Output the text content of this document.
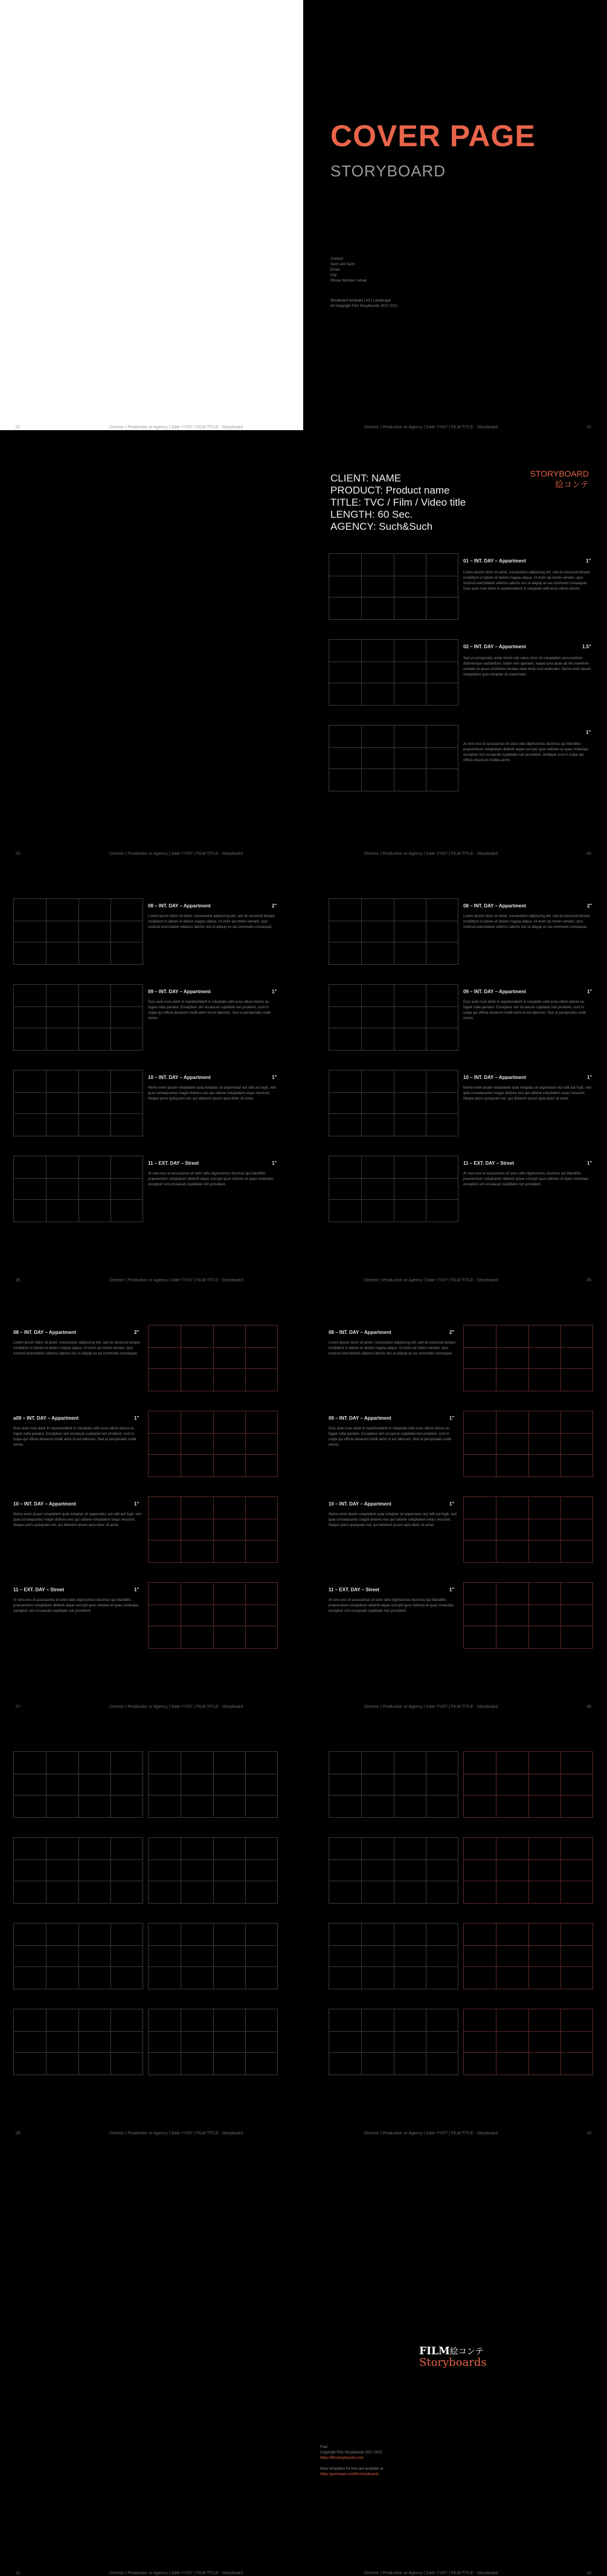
01	Director | Production or Agency | Date YY/07 | FILM TITLE - Storyboard	02
Director | Production or Agency | Date YY/07 | FILM TITLE - Storyboard
COVER PAGE
STORYBOARD
Contact:
Such and Such
Email
City
Phone Number / email
Storyboard template | A3 | Landscape
All Copyright Film Storyboards 2017-2021
03	Director | Production or Agency | Date YY/07 | FILM TITLE - Storyboard	04
Director | Production or Agency | Date YY/07 | FILM TITLE - Storyboard
CLIENT: NAME
PRODUCT: Product name
TITLE: TVC / Film / Video title
LENGTH: 60 Sec.
AGENCY: Such&Such
STORYBOARD
絵コンテ
01 – INT. DAY – Appartment	1"
Lorem ipsum dolor sit amet, consectetur adipiscing elit, sed do eiusmod tempor incididunt ut labore et dolore magna aliqua. Ut enim ad minim veniam, quis nostrud exercitation ullamco laboris nisi ut aliquip ex ea commodo consequat. Duis aute irure dolor in reprehenderit in voluptate velit esse cillum dolore.
02 – INT. DAY – Appartment	1.5"
Sed ut perspiciatis unde omnis iste natus error sit voluptatem accusantium doloremque laudantium, totam rem aperiam, eaque ipsa quae ab illo inventore veritatis et quasi architecto beatae vitae dicta sunt explicabo. Nemo enim ipsam voluptatem quia voluptas sit aspernatur.
1"
At vero eos et accusamus et iusto odio dignissimos ducimus qui blanditiis praesentium voluptatum deleniti atque corrupti quos dolores et quas molestias excepturi sint occaecati cupiditate non provident, similique sunt in culpa qui officia deserunt mollitia animi.
05	Director | Production or Agency | Date YY/07 | FILM TITLE - Storyboard	06
Director | Production or Agency | Date YY/07 | FILM TITLE - Storyboard
07	Director | Production or Agency | Date YY/07 | FILM TITLE - Storyboard	08
Director | Production or Agency | Date YY/07 | FILM TITLE - Storyboard
09	Director | Production or Agency | Date YY/07 | FILM TITLE - Storyboard	10
Director | Production or Agency | Date YY/07 | FILM TITLE - Storyboard
11	Director | Production or Agency | Date YY/07 | FILM TITLE - Storyboard	12
Director | Production or Agency | Date YY/07 | FILM TITLE - Storyboard
FILM絵コンテ
Storyboards
Free
Copyright Film Storyboards 2017-2021
https://filmstoryboards.com

More templates for free are available at
https://gumroad.com/filmstoryboards
08 – INT. DAY – Appartment	2"
Lorem ipsum dolor sit amet, consectetur adipiscing elit, sed do eiusmod tempor incididunt ut labore et dolore magna aliqua. Ut enim ad minim veniam, quis nostrud exercitation ullamco laboris nisi ut aliquip ex ea commodo consequat.
08 – INT. DAY – Appartment	2"
Lorem ipsum dolor sit amet, consectetur adipiscing elit, sed do eiusmod tempor incididunt ut labore et dolore magna aliqua. Ut enim ad minim veniam, quis nostrud exercitation ullamco laboris nisi ut aliquip ex ea commodo consequat.
09 – INT. DAY – Appartment	1"
Duis aute irure dolor in reprehenderit in voluptate velit esse cillum dolore eu fugiat nulla pariatur. Excepteur sint occaecat cupidatat non proident, sunt in culpa qui officia deserunt mollit anim id est laborum. Sed ut perspiciatis unde omnis.
09 – INT. DAY – Appartment	1"
Duis aute irure dolor in reprehenderit in voluptate velit esse cillum dolore eu fugiat nulla pariatur. Excepteur sint occaecat cupidatat non proident, sunt in culpa qui officia deserunt mollit anim id est laborum. Sed ut perspiciatis unde omnis.
10 – INT. DAY – Appartment	1"
Nemo enim ipsam voluptatem quia voluptas sit aspernatur aut odit aut fugit, sed quia consequuntur magni dolores eos qui ratione voluptatem sequi nesciunt. Neque porro quisquam est, qui dolorem ipsum quia dolor sit amet.
10 – INT. DAY – Appartment	1"
Nemo enim ipsam voluptatem quia voluptas sit aspernatur aut odit aut fugit, sed quia consequuntur magni dolores eos qui ratione voluptatem sequi nesciunt. Neque porro quisquam est, qui dolorem ipsum quia dolor sit amet.
11 – EXT. DAY – Street	1"
At vero eos et accusamus et iusto odio dignissimos ducimus qui blanditiis praesentium voluptatum deleniti atque corrupti quos dolores et quas molestias excepturi sint occaecati cupiditate non provident.
11 – EXT. DAY – Street	1"
At vero eos et accusamus et iusto odio dignissimos ducimus qui blanditiis praesentium voluptatum deleniti atque corrupti quos dolores et quas molestias excepturi sint occaecati cupiditate non provident.
08 – INT. DAY – Appartment	2"
Lorem ipsum dolor sit amet, consectetur adipiscing elit, sed do eiusmod tempor incididunt ut labore et dolore magna aliqua. Ut enim ad minim veniam, quis nostrud exercitation ullamco laboris nisi ut aliquip ex ea commodo consequat.
08 – INT. DAY – Appartment	2"
Lorem ipsum dolor sit amet, consectetur adipiscing elit, sed do eiusmod tempor incididunt ut labore et dolore magna aliqua. Ut enim ad minim veniam, quis nostrud exercitation ullamco laboris nisi ut aliquip ex ea commodo consequat.
a09 – INT. DAY – Appartment	1"
Duis aute irure dolor in reprehenderit in voluptate velit esse cillum dolore eu fugiat nulla pariatur. Excepteur sint occaecat cupidatat non proident, sunt in culpa qui officia deserunt mollit anim id est laborum. Sed ut perspiciatis unde omnis.
09 – INT. DAY – Appartment	1"
Duis aute irure dolor in reprehenderit in voluptate velit esse cillum dolore eu fugiat nulla pariatur. Excepteur sint occaecat cupidatat non proident, sunt in culpa qui officia deserunt mollit anim id est laborum. Sed ut perspiciatis unde omnis.
10 – INT. DAY – Appartment	1"
Nemo enim ipsam voluptatem quia voluptas sit aspernatur aut odit aut fugit, sed quia consequuntur magni dolores eos qui ratione voluptatem sequi nesciunt. Neque porro quisquam est, qui dolorem ipsum quia dolor sit amet.
10 – INT. DAY – Appartment	1"
Nemo enim ipsam voluptatem quia voluptas sit aspernatur aut odit aut fugit, sed quia consequuntur magni dolores eos qui ratione voluptatem sequi nesciunt. Neque porro quisquam est, qui dolorem ipsum quia dolor sit amet.
11 – EXT. DAY – Street	1"
At vero eos et accusamus et iusto odio dignissimos ducimus qui blanditiis praesentium voluptatum deleniti atque corrupti quos dolores et quas molestias excepturi sint occaecati cupiditate non provident.
11 – EXT. DAY – Street	1"
At vero eos et accusamus et iusto odio dignissimos ducimus qui blanditiis praesentium voluptatum deleniti atque corrupti quos dolores et quas molestias excepturi sint occaecati cupiditate non provident.
